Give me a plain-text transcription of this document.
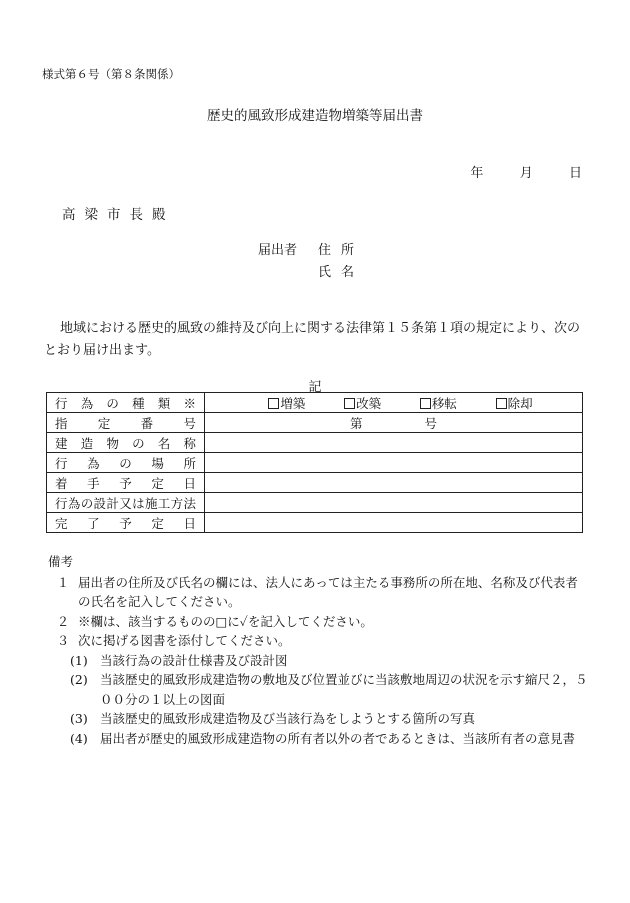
様式第６号（第８条関係）
歴史的風致形成建造物増築等届出書
年	月	日
高梁市長殿
届出者 住所
氏名
地域における歴史的風致の維持及び向上に関する法律第１５条第１項の規定により、次のとおり届け出ます。
記
行為の種類※	増築 改築 移転 除却

指定番号	第 号

建造物の名称	
行為の場所	
着手予定日	
行為の設計又は施工方法	
完了予定日	
備考
１ 届出者の住所及び氏名の欄には、法人にあっては主たる事務所の所在地、名称及び代表者の氏名を記入してください。
２ ※欄は、該当するものの□に✓を記入してください。
３ 次に掲げる図書を添付してください。
(1) 当該行為の設計仕様書及び設計図
(2) 当該歴史的風致形成建造物の敷地及び位置並びに当該敷地周辺の状況を示す縮尺２，５００分の１以上の図面
(3) 当該歴史的風致形成建造物及び当該行為をしようとする箇所の写真
(4) 届出者が歴史的風致形成建造物の所有者以外の者であるときは、当該所有者の意見書
